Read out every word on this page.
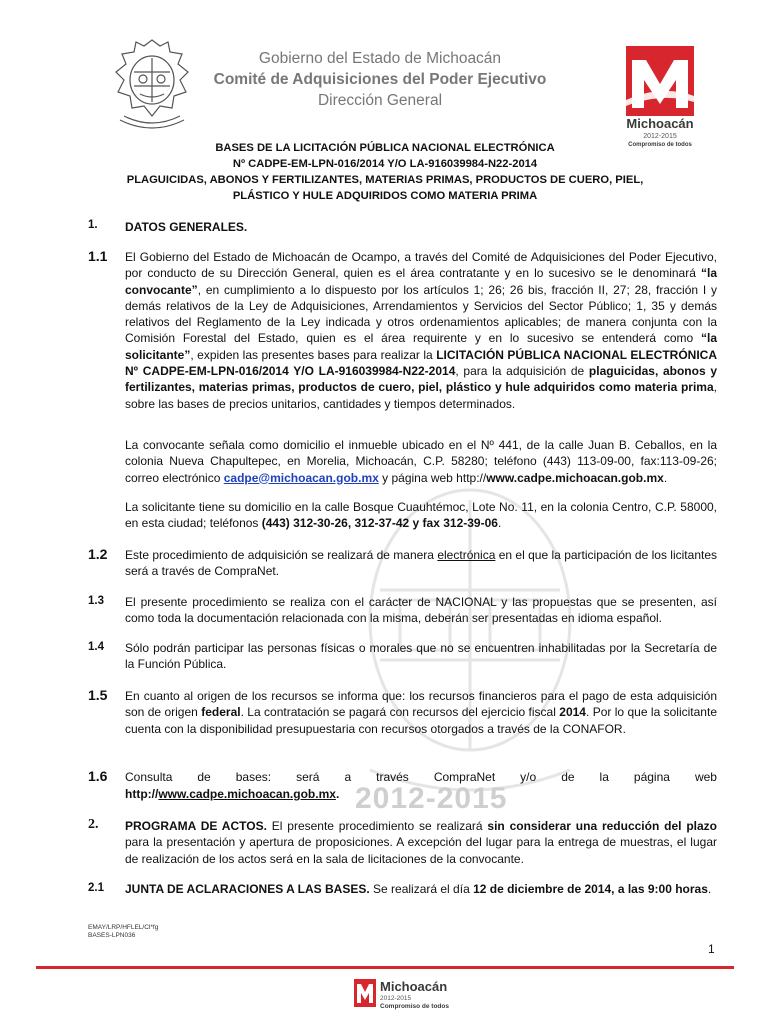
Gobierno del Estado de Michoacán
Comité de Adquisiciones del Poder Ejecutivo
Dirección General
Michoacán
2012-2015
Compromiso de todos
BASES DE LA LICITACIÓN PÚBLICA NACIONAL ELECTRÓNICA
Nº CADPE-EM-LPN-016/2014 Y/O LA-916039984-N22-2014
PLAGUICIDAS, ABONOS Y FERTILIZANTES, MATERIAS PRIMAS, PRODUCTOS DE CUERO, PIEL,
PLÁSTICO Y HULE ADQUIRIDOS COMO MATERIA PRIMA
2012-2015
1. DATOS GENERALES.
1.1 El Gobierno del Estado de Michoacán de Ocampo, a través del Comité de Adquisiciones del Poder Ejecutivo, por conducto de su Dirección General, quien es el área contratante y en lo sucesivo se le denominará “la convocante”, en cumplimiento a lo dispuesto por los artículos 1; 26; 26 bis, fracción II, 27; 28, fracción I y demás relativos de la Ley de Adquisiciones, Arrendamientos y Servicios del Sector Público; 1, 35 y demás relativos del Reglamento de la Ley indicada y otros ordenamientos aplicables; de manera conjunta con la Comisión Forestal del Estado, quien es el área requirente y en lo sucesivo se entenderá como “la solicitante”, expiden las presentes bases para realizar la LICITACIÓN PÚBLICA NACIONAL ELECTRÓNICA Nº CADPE-EM-LPN-016/2014 Y/O LA-916039984-N22-2014, para la adquisición de plaguicidas, abonos y fertilizantes, materias primas, productos de cuero, piel, plástico y hule adquiridos como materia prima, sobre las bases de precios unitarios, cantidades y tiempos determinados.
La convocante señala como domicilio el inmueble ubicado en el Nº 441, de la calle Juan B. Ceballos, en la colonia Nueva Chapultepec, en Morelia, Michoacán, C.P. 58280; teléfono (443) 113-09-00, fax:113-09-26; correo electrónico cadpe@michoacan.gob.mx y página web http://www.cadpe.michoacan.gob.mx.
La solicitante tiene su domicilio en la calle Bosque Cuauhtémoc, Lote No. 11, en la colonia Centro, C.P. 58000, en esta ciudad; teléfonos (443) 312-30-26, 312-37-42 y fax 312-39-06.
1.2 Este procedimiento de adquisición se realizará de manera electrónica en el que la participación de los licitantes será a través de CompraNet.
1.3 El presente procedimiento se realiza con el carácter de NACIONAL y las propuestas que se presenten, así como toda la documentación relacionada con la misma, deberán ser presentadas en idioma español.
1.4 Sólo podrán participar las personas físicas o morales que no se encuentren inhabilitadas por la Secretaría de la Función Pública.
1.5 En cuanto al origen de los recursos se informa que: los recursos financieros para el pago de esta adquisición son de origen federal. La contratación se pagará con recursos del ejercicio fiscal 2014. Por lo que la solicitante cuenta con la disponibilidad presupuestaria con recursos otorgados a través de la CONAFOR.
1.6 Consulta de bases: será a través CompraNet y/o de la página web
http://www.cadpe.michoacan.gob.mx.
2. PROGRAMA DE ACTOS. El presente procedimiento se realizará sin considerar una reducción del plazo para la presentación y apertura de proposiciones. A excepción del lugar para la entrega de muestras, el lugar de realización de los actos será en la sala de licitaciones de la convocante.
2.1 JUNTA DE ACLARACIONES A LAS BASES. Se realizará el día 12 de diciembre de 2014, a las 9:00 horas.
EMAY/LRP/HFLEL/Cl*fg
BASES-LPN036
1
Michoacán
2012-2015
Compromiso de todos
